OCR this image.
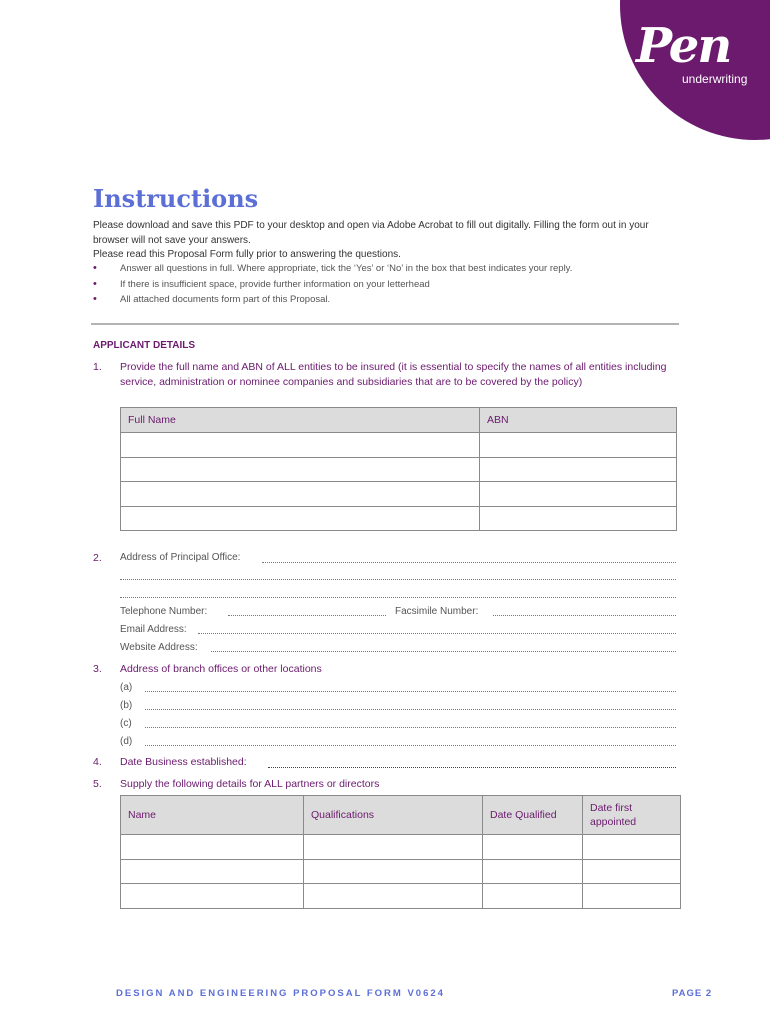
Pen
underwriting
Instructions
Please download and save this PDF to your desktop and open via Adobe Acrobat to fill out digitally. Filling the form out in your browser will not save your answers.
Please read this Proposal Form fully prior to answering the questions.
• Answer all questions in full. Where appropriate, tick the ‘Yes’ or ‘No’ in the box that best indicates your reply.
• If there is insufficient space, provide further information on your letterhead
• All attached documents form part of this Proposal.
APPLICANT DETAILS
1. Provide the full name and ABN of ALL entities to be insured (it is essential to specify the names of all entities including service, administration or nominee companies and subsidiaries that are to be covered by the policy)
Full Name	ABN

2. Address of Principal Office:
Telephone Number:	Facsimile Number:
Email Address:
Website Address:
3. Address of branch offices or other locations
(a)
(b)
(c)
(d)
4. Date Business established:
5. Supply the following details for ALL partners or directors
Name	Qualifications	Date Qualified	Date first appointed

DESIGN AND ENGINEERING PROPOSAL FORM V0624	PAGE 2
